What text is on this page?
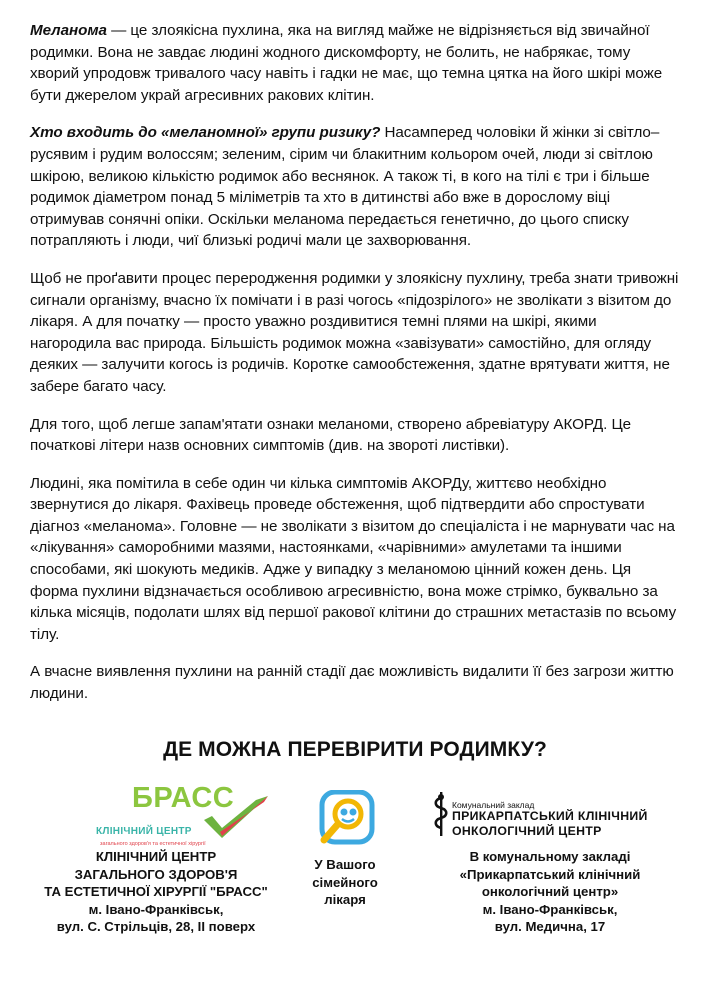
Меланома — це злоякісна пухлина, яка на вигляд майже не відрізняється від звичайної родимки. Вона не завдає людині жодного дискомфорту, не болить, не набрякає, тому хворий упродовж тривалого часу навіть і гадки не має, що темна цятка на його шкірі може бути джерелом украй агресивних ракових клітин.

Хто входить до «меланомної» групи ризику? Насамперед чоловіки й жінки зі світло–русявим і рудим волоссям; зеленим, сірим чи блакитним кольором очей, люди зі світлою шкірою, великою кількістю родимок або веснянок. А також ті, в кого на тілі є три і більше родимок діаметром понад 5 міліметрів та хто в дитинстві або вже в дорослому віці отримував сонячні опіки. Оскільки меланома передається генетично, до цього списку потрапляють і люди, чиї близькі родичі мали це захворювання.

Щоб не проґавити процес переродження родимки у злоякісну пухлину, треба знати тривожні сигнали організму, вчасно їх помічати і в разі чогось «підозрілого» не зволікати з візитом до лікаря. А для початку — просто уважно роздивитися темні плями на шкірі, якими нагородила вас природа. Більшість родимок можна «завізувати» самостійно, для огляду деяких — залучити когось із родичів. Коротке самообстеження, здатне врятувати життя, не забере багато часу.

Для того, щоб легше запам'ятати ознаки меланоми, створено абревіатуру АКОРД. Це початкові літери назв основних симптомів (див. на звороті листівки).

Людині, яка помітила в себе один чи кілька симптомів АКОРДу, життєво необхідно звернутися до лікаря. Фахівець проведе обстеження, щоб підтвердити або спростувати діагноз «меланома». Головне — не зволікати з візитом до спеціаліста і не марнувати час на «лікування» саморобними мазями, настоянками, «чарівними» амулетами та іншими способами, які шокують медиків. Адже у випадку з меланомою цінний кожен день. Ця форма пухлини відзначається особливою агресивністю, вона може стрімко, буквально за кілька місяців, подолати шлях від першої ракової клітини до страшних метастазів по всьому тілу.

А вчасне виявлення пухлини на ранній стадії дає можливість видалити її без загрози життю людини.

ДЕ МОЖНА ПЕРЕВІРИТИ РОДИМКУ?
БРАСС
КЛІНІЧНИЙ ЦЕНТР
загального здоров'я та естетичної хірургії
КЛІНІЧНИЙ ЦЕНТР
ЗАГАЛЬНОГО ЗДОРОВ'Я
ТА ЕСТЕТИЧНОЇ ХІРУРГІЇ "БРАСС"
м. Івано-Франківськ,
вул. С. Стрільців, 28, II поверх
У Вашого
сімейного
лікаря
Комунальний заклад
ПРИКАРПАТСЬКИЙ КЛІНІЧНИЙ
ОНКОЛОГІЧНИЙ ЦЕНТР
В комунальному закладі
«Прикарпатський клінічний
онкологічний центр»
м. Івано-Франківськ,
вул. Медична, 17
